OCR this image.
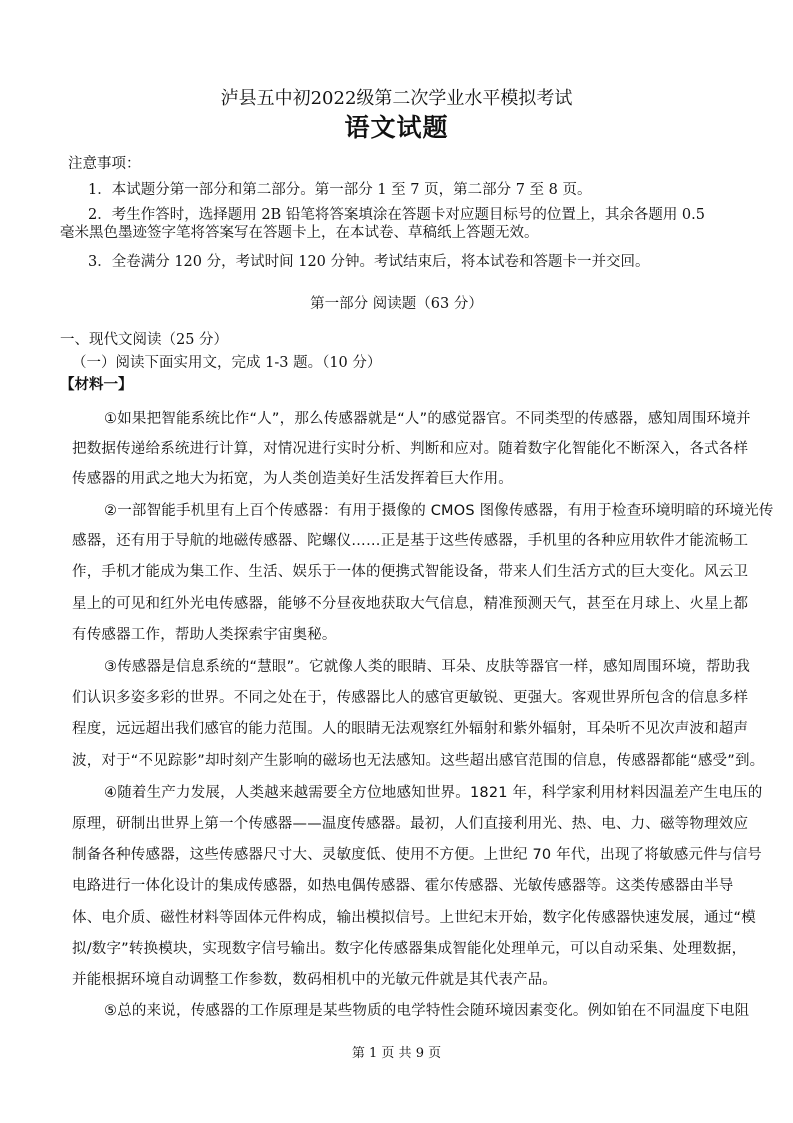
泸县五中初2022级第二次学业水平模拟考试
语文试题
注意事项：
1．本试题分第一部分和第二部分。第一部分 1 至 7 页，第二部分 7 至 8 页。
2．考生作答时，选择题用 2B 铅笔将答案填涂在答题卡对应题目标号的位置上，其余各题用 0.5
毫米黑色墨迹签字笔将答案写在答题卡上，在本试卷、草稿纸上答题无效。
3．全卷满分 120 分，考试时间 120 分钟。考试结束后，将本试卷和答题卡一并交回。
第一部分 阅读题（63 分）
一、现代文阅读（25 分）
（一）阅读下面实用文，完成 1-3 题。（10 分）
【材料一】
①如果把智能系统比作“人”，那么传感器就是“人”的感觉器官。不同类型的传感器，感知周围环境并
把数据传递给系统进行计算，对情况进行实时分析、判断和应对。随着数字化智能化不断深入，各式各样
传感器的用武之地大为拓宽，为人类创造美好生活发挥着巨大作用。
②一部智能手机里有上百个传感器：有用于摄像的 CMOS 图像传感器，有用于检查环境明暗的环境光传
感器，还有用于导航的地磁传感器、陀螺仪……正是基于这些传感器，手机里的各种应用软件才能流畅工
作，手机才能成为集工作、生活、娱乐于一体的便携式智能设备，带来人们生活方式的巨大变化。风云卫
星上的可见和红外光电传感器，能够不分昼夜地获取大气信息，精准预测天气，甚至在月球上、火星上都
有传感器工作，帮助人类探索宇宙奥秘。
③传感器是信息系统的“慧眼”。它就像人类的眼睛、耳朵、皮肤等器官一样，感知周围环境，帮助我
们认识多姿多彩的世界。不同之处在于，传感器比人的感官更敏锐、更强大。客观世界所包含的信息多样
程度，远远超出我们感官的能力范围。人的眼睛无法观察红外辐射和紫外辐射，耳朵听不见次声波和超声
波，对于“不见踪影”却时刻产生影响的磁场也无法感知。这些超出感官范围的信息，传感器都能“感受”到。
④随着生产力发展，人类越来越需要全方位地感知世界。1821 年，科学家利用材料因温差产生电压的
原理，研制出世界上第一个传感器——温度传感器。最初，人们直接利用光、热、电、力、磁等物理效应
制备各种传感器，这些传感器尺寸大、灵敏度低、使用不方便。上世纪 70 年代，出现了将敏感元件与信号
电路进行一体化设计的集成传感器，如热电偶传感器、霍尔传感器、光敏传感器等。这类传感器由半导
体、电介质、磁性材料等固体元件构成，输出模拟信号。上世纪末开始，数字化传感器快速发展，通过“模
拟/数字”转换模块，实现数字信号输出。数字化传感器集成智能化处理单元，可以自动采集、处理数据，
并能根据环境自动调整工作参数，数码相机中的光敏元件就是其代表产品。
⑤总的来说，传感器的工作原理是某些物质的电学特性会随环境因素变化。例如铂在不同温度下电阻
第 1 页 共 9 页
